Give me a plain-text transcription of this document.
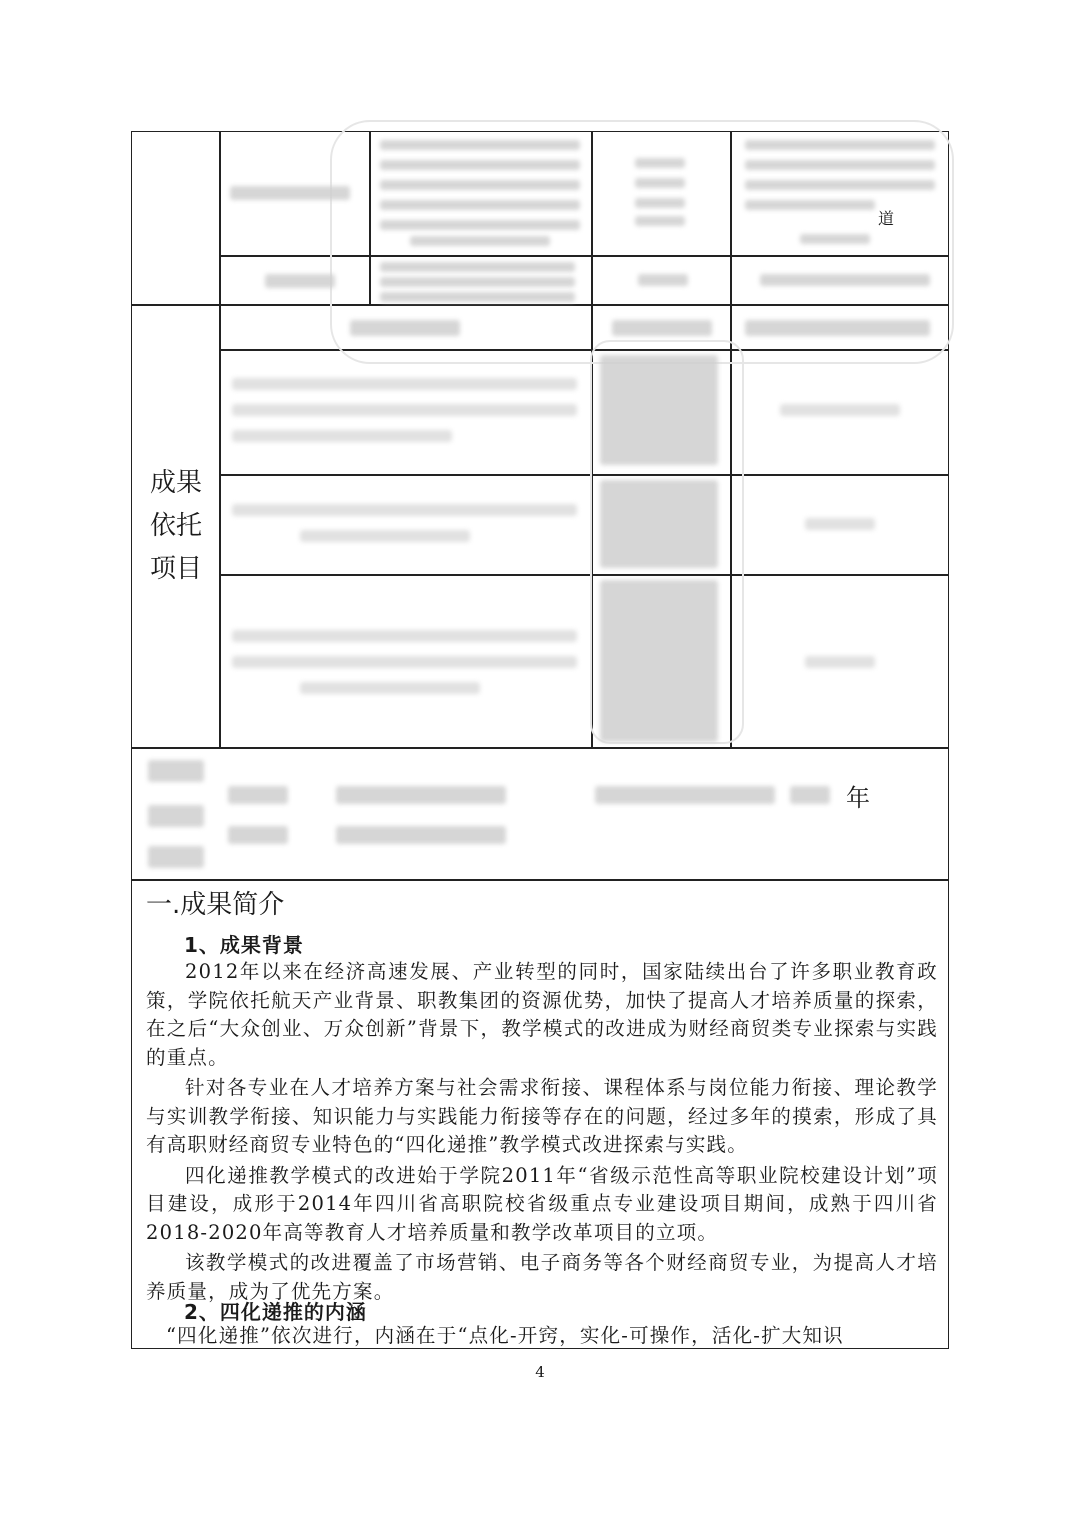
道
成果
依托
项目
年
一.成果简介
1、成果背景

2012年以来在经济高速发展、产业转型的同时，国家陆续出台了许多职业教育政策，学院依托航天产业背景、职教集团的资源优势，加快了提高人才培养质量的探索，在之后“大众创业、万众创新”背景下，教学模式的改进成为财经商贸类专业探索与实践的重点。

针对各专业在人才培养方案与社会需求衔接、课程体系与岗位能力衔接、理论教学与实训教学衔接、知识能力与实践能力衔接等存在的问题，经过多年的摸索，形成了具有高职财经商贸专业特色的“四化递推”教学模式改进探索与实践。

四化递推教学模式的改进始于学院2011年“省级示范性高等职业院校建设计划”项目建设，成形于2014年四川省高职院校省级重点专业建设项目期间，成熟于四川省2018-2020年高等教育人才培养质量和教学改革项目的立项。

该教学模式的改进覆盖了市场营销、电子商务等各个财经商贸专业，为提高人才培养质量，成为了优先方案。

2、四化递推的内涵
“四化递推”依次进行，内涵在于“点化-开窍，实化-可操作，活化-扩大知识
4
